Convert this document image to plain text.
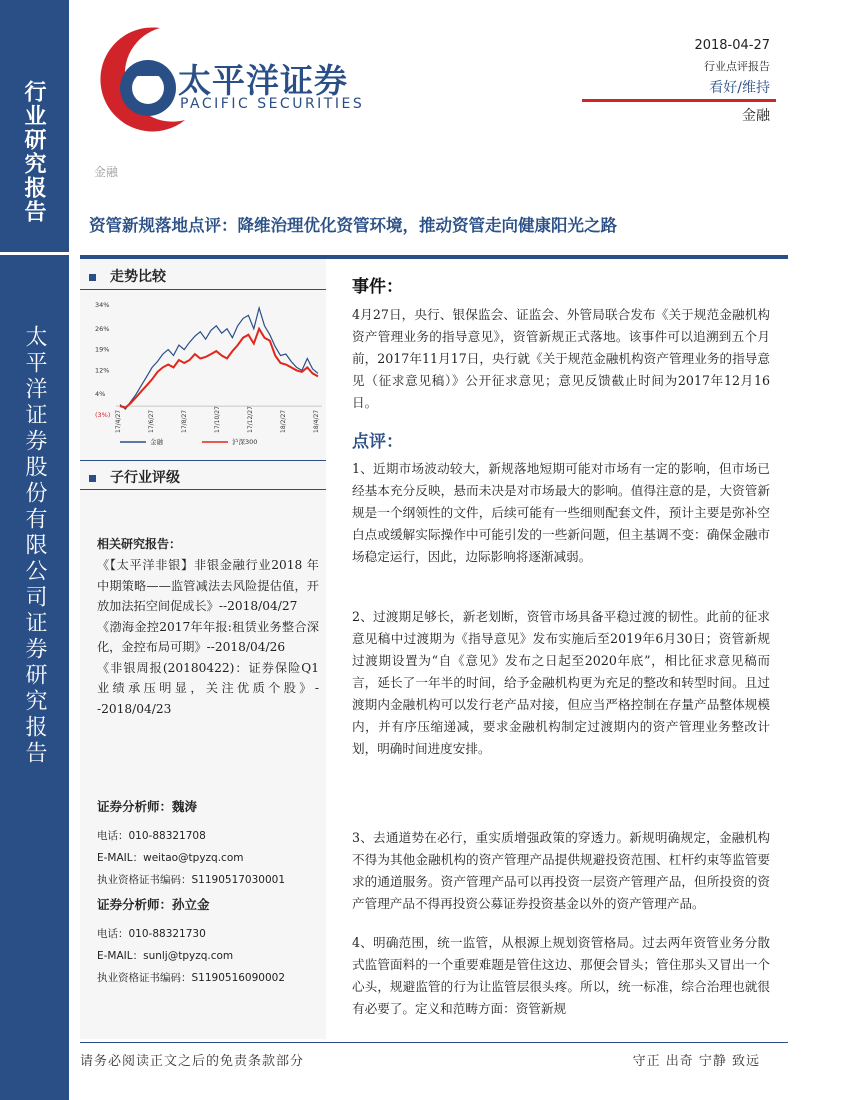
行业研究报告
太平洋证券股份有限公司证券研究报告
太平洋证券
PACIFIC SECURITIES
2018-04-27
行业点评报告
看好/维持
金融
金融
资管新规落地点评：降维治理优化资管环境，推动资管走向健康阳光之路
走势比较
34%
26%
19%
12%
4%
(3%) 17/4/27	17/6/27	17/8/27	17/10/27	17/12/27	18/2/27	18/4/27
金融	沪深300
子行业评级
相关研究报告：

《【太平洋非银】非银金融行业2018 年中期策略——监管减法去风险提估值，开放加法拓空间促成长》--2018/04/27

《渤海金控2017年年报:租赁业务整合深化，金控布局可期》--2018/04/26

《非银周报(20180422)：证券保险Q1业绩承压明显，关注优质个股》--2018/04/23

证券分析师：魏涛
电话：010-88321708
E-MAIL：weitao@tpyzq.com
执业资格证书编码：S1190517030001
证券分析师：孙立金
电话：010-88321730
E-MAIL：sunlj@tpyzq.com
执业资格证书编码：S1190516090002
事件：
4月27日，央行、银保监会、证监会、外管局联合发布《关于规范金融机构资产管理业务的指导意见》，资管新规正式落地。该事件可以追溯到五个月前，2017年11月17日，央行就《关于规范金融机构资产管理业务的指导意见（征求意见稿）》公开征求意见；意见反馈截止时间为2017年12月16日。
点评：
1、近期市场波动较大，新规落地短期可能对市场有一定的影响，但市场已经基本充分反映，悬而未决是对市场最大的影响。值得注意的是，大资管新规是一个纲领性的文件，后续可能有一些细则配套文件，预计主要是弥补空白点或缓解实际操作中可能引发的一些新问题，但主基调不变：确保金融市场稳定运行，因此，边际影响将逐渐减弱。
2、过渡期足够长，新老划断，资管市场具备平稳过渡的韧性。此前的征求意见稿中过渡期为《指导意见》发布实施后至2019年6月30日；资管新规过渡期设置为“自《意见》发布之日起至2020年底”，相比征求意见稿而言，延长了一年半的时间，给予金融机构更为充足的整改和转型时间。且过渡期内金融机构可以发行老产品对接，但应当严格控制在存量产品整体规模内，并有序压缩递减，要求金融机构制定过渡期内的资产管理业务整改计划，明确时间进度安排。
3、去通道势在必行，重实质增强政策的穿透力。新规明确规定，金融机构不得为其他金融机构的资产管理产品提供规避投资范围、杠杆约束等监管要求的通道服务。资产管理产品可以再投资一层资产管理产品，但所投资的资产管理产品不得再投资公募证券投资基金以外的资产管理产品。
4、明确范围，统一监管，从根源上规划资管格局。过去两年资管业务分散式监管面料的一个重要难题是管住这边、那便会冒头；管住那头又冒出一个心头，规避监管的行为让监管层很头疼。所以，统一标准，综合治理也就很有必要了。定义和范畴方面：资管新规
请务必阅读正文之后的免责条款部分	守正 出奇 宁静 致远
